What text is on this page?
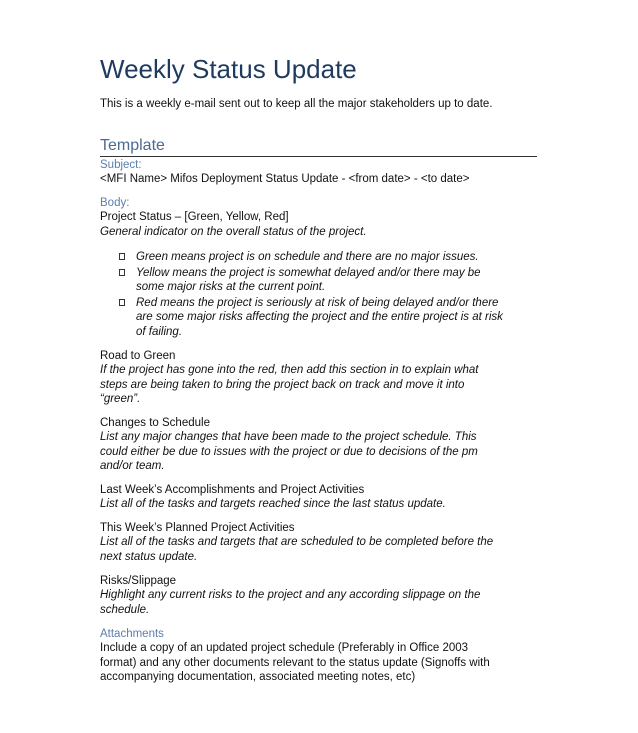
Weekly Status Update
This is a weekly e-mail sent out to keep all the major stakeholders up to date.
Template
Subject:
<MFI Name> Mifos Deployment Status Update - <from date> - <to date>
Body:
Project Status – [Green, Yellow, Red]
General indicator on the overall status of the project.
Green means project is on schedule and there are no major issues.
Yellow means the project is somewhat delayed and/or there may be
some major risks at the current point.
Red means the project is seriously at risk of being delayed and/or there
are some major risks affecting the project and the entire project is at risk
of failing.
Road to Green
If the project has gone into the red, then add this section in to explain what
steps are being taken to bring the project back on track and move it into
“green”.
Changes to Schedule
List any major changes that have been made to the project schedule. This
could either be due to issues with the project or due to decisions of the pm
and/or team.
Last Week’s Accomplishments and Project Activities
List all of the tasks and targets reached since the last status update.
This Week’s Planned Project Activities
List all of the tasks and targets that are scheduled to be completed before the
next status update.
Risks/Slippage
Highlight any current risks to the project and any according slippage on the
schedule.
Attachments
Include a copy of an updated project schedule (Preferably in Office 2003
format) and any other documents relevant to the status update (Signoffs with
accompanying documentation, associated meeting notes, etc)
